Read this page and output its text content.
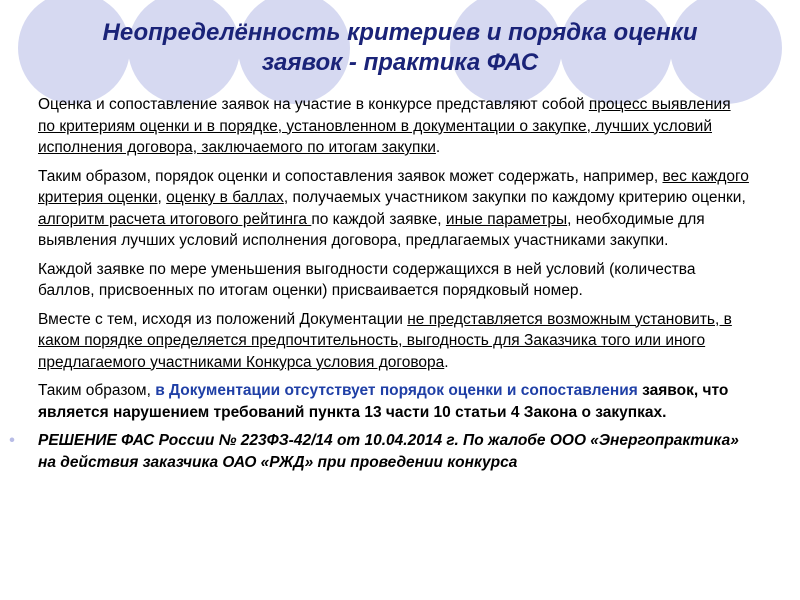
Неопределённость критериев и порядка оценки
заявок - практика ФАС

Оценка и сопоставление заявок на участие в конкурсе представляют собой процесс выявления по критериям оценки и в порядке, установленном в документации о закупке, лучших условий исполнения договора, заключаемого по итогам закупки.

Таким образом, порядок оценки и сопоставления заявок может содержать, например, вес каждого критерия оценки, оценку в баллах, получаемых участником закупки по каждому критерию оценки, алгоритм расчета итогового рейтинга по каждой заявке, иные параметры, необходимые для выявления лучших условий исполнения договора, предлагаемых участниками закупки.

Каждой заявке по мере уменьшения выгодности содержащихся в ней условий (количества баллов, присвоенных по итогам оценки) присваивается порядковый номер.

Вместе с тем, исходя из положений Документации не представляется возможным установить, в каком порядке определяется предпочтительность, выгодность для Заказчика того или иного предлагаемого участниками Конкурса условия договора.

Таким образом, в Документации отсутствует порядок оценки и сопоставления заявок, что является нарушением требований пункта 13 части 10 статьи 4 Закона о закупках.

• РЕШЕНИЕ ФАС России № 223ФЗ-42/14 от 10.04.2014 г. По жалобе ООО «Энергопрактика» на действия заказчика ОАО «РЖД» при проведении конкурса
